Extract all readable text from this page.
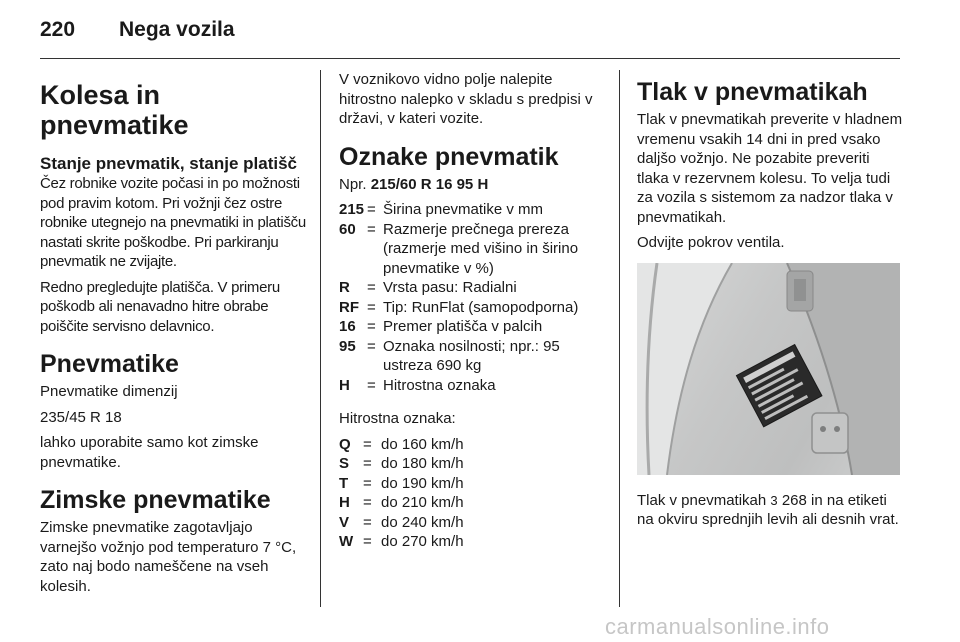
220 Nega vozila
Kolesa in pnevmatike
Stanje pnevmatik, stanje platišč

Čez robnike vozite počasi in po možnosti pod pravim kotom. Pri vožnji čez ostre robnike utegnejo na pnevmatiki in platišču nastati skrite poškodbe. Pri parkiranju pnevmatik ne zvijajte.

Redno pregledujte platišča. V primeru poškodb ali nenavadno hitre obrabe poiščite servisno delavnico.

Pnevmatike

Pnevmatike dimenzij

235/45 R 18

lahko uporabite samo kot zimske pnevmatike.

Zimske pnevmatike

Zimske pnevmatike zagotavljajo varnejšo vožnjo pod temperaturo 7 °C, zato naj bodo nameščene na vseh kolesih.

V voznikovo vidno polje nalepite hitrostno nalepko v skladu s predpisi v državi, v kateri vozite.

Oznake pnevmatik

Npr. 215/60 R 16 95 H

215 = Širina pnevmatike v mm
60 = Razmerje prečnega prereza (razmerje med višino in širino pnevmatike v %)
R	= Vrsta pasu: Radialni
RF = Tip: RunFlat (samopodporna)
16 = Premer platišča v palcih
95 = Oznaka nosilnosti; npr.: 95 ustreza 690 kg
H	= Hitrostna oznaka

Hitrostna oznaka:

Q = do 160 km/h
S = do 180 km/h
T = do 190 km/h
H = do 210 km/h
V = do 240 km/h
W = do 270 km/h
Tlak v pnevmatikah

Tlak v pnevmatikah preverite v hladnem vremenu vsakih 14 dni in pred vsako daljšo vožnjo. Ne pozabite preveriti tlaka v rezervnem kolesu. To velja tudi za vozila s sistemom za nadzor tlaka v pnevmatikah.

Odvijte pokrov ventila.

Tlak v pnevmatikah 3 268 in na etiketi na okviru sprednjih levih ali desnih vrat.

carmanualsonline.info
